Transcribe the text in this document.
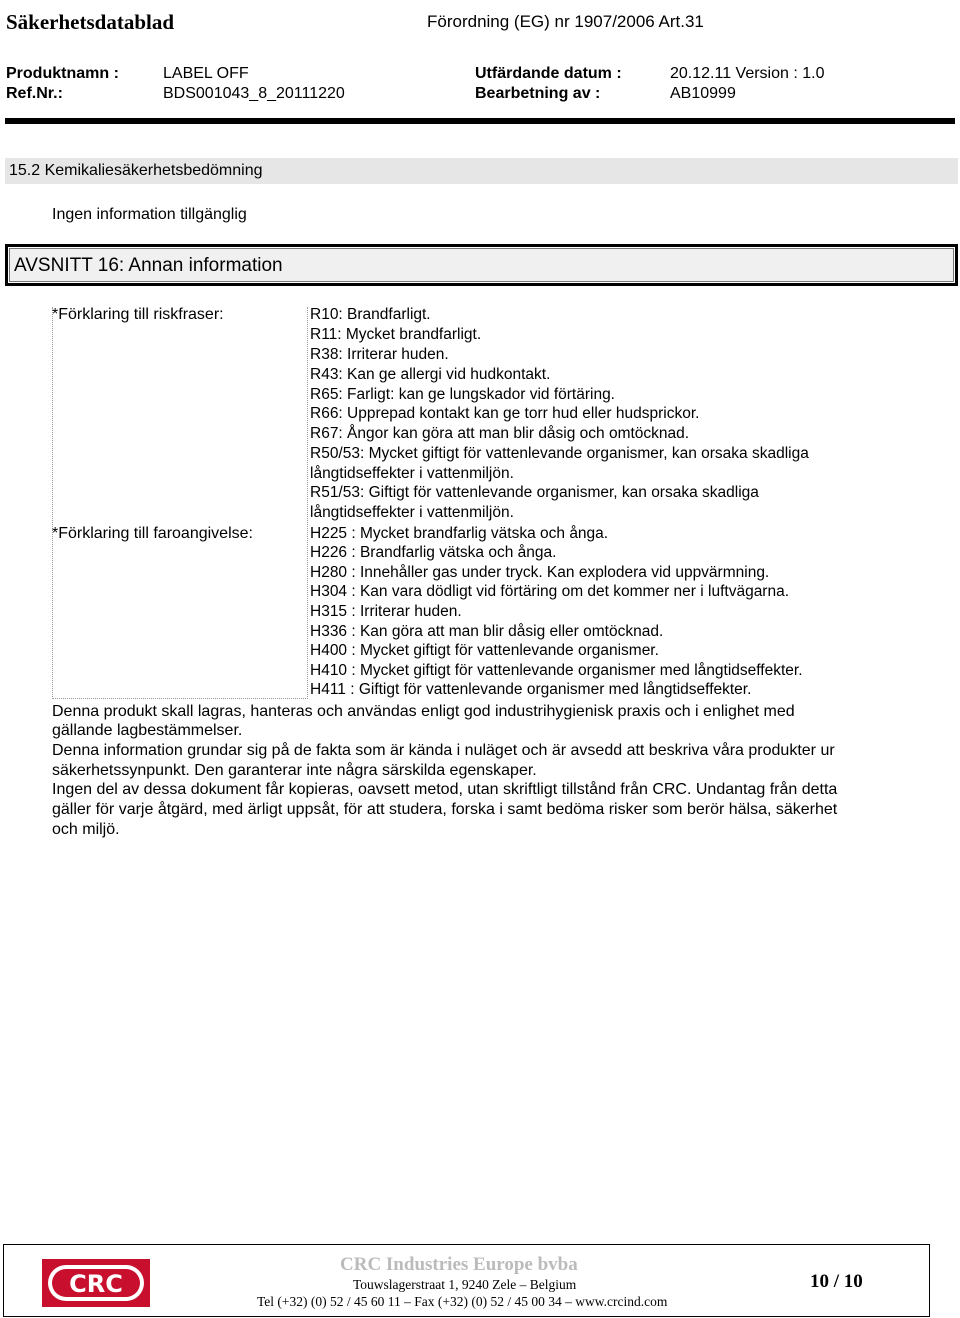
Säkerhetsdatablad	Förordning (EG) nr 1907/2006 Art.31
Produktnamn :	LABEL OFF	Utfärdande datum :	20.12.11 Version : 1.0
Ref.Nr.:	BDS001043_8_20111220	Bearbetning av :	AB10999
15.2 Kemikaliesäkerhetsbedömning
Ingen information tillgänglig
AVSNITT 16: Annan information
*Förklaring till riskfraser:	R10: Brandfarligt.
R11: Mycket brandfarligt.
R38: Irriterar huden.
R43: Kan ge allergi vid hudkontakt.
R65: Farligt: kan ge lungskador vid förtäring.
R66: Upprepad kontakt kan ge torr hud eller hudsprickor.
R67: Ångor kan göra att man blir dåsig och omtöcknad.
R50/53: Mycket giftigt för vattenlevande organismer, kan orsaka skadliga
långtidseffekter i vattenmiljön.
R51/53: Giftigt för vattenlevande organismer, kan orsaka skadliga
långtidseffekter i vattenmiljön.
*Förklaring till faroangivelse:	H225 : Mycket brandfarlig vätska och ånga.
H226 : Brandfarlig vätska och ånga.
H280 : Innehåller gas under tryck. Kan explodera vid uppvärmning.
H304 : Kan vara dödligt vid förtäring om det kommer ner i luftvägarna.
H315 : Irriterar huden.
H336 : Kan göra att man blir dåsig eller omtöcknad.
H400 : Mycket giftigt för vattenlevande organismer.
H410 : Mycket giftigt för vattenlevande organismer med långtidseffekter.
H411 : Giftigt för vattenlevande organismer med långtidseffekter.
Denna produkt skall lagras, hanteras och användas enligt god industrihygienisk praxis och i enlighet med
gällande lagbestämmelser.
Denna information grundar sig på de fakta som är kända i nuläget och är avsedd att beskriva våra produkter ur
säkerhetssynpunkt. Den garanterar inte några särskilda egenskaper.
Ingen del av dessa dokument får kopieras, oavsett metod, utan skriftligt tillstånd från CRC. Undantag från detta
gäller för varje åtgärd, med ärligt uppsåt, för att studera, forska i samt bedöma risker som berör hälsa, säkerhet
och miljö.
CRC
CRC Industries Europe bvba
Touwslagerstraat 1, 9240 Zele – Belgium
Tel (+32) (0) 52 / 45 60 11 – Fax (+32) (0) 52 / 45 00 34 – www.crcind.com
10 / 10
